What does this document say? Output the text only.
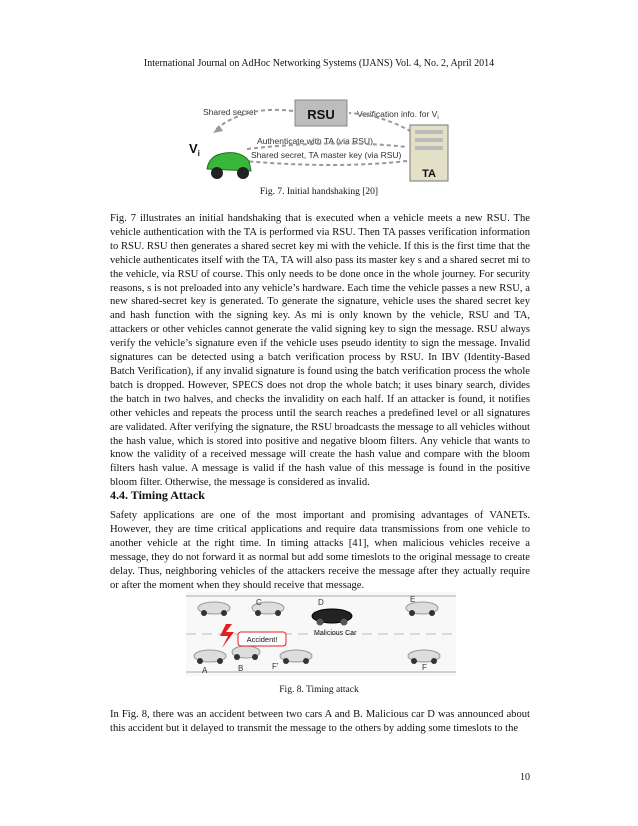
International Journal on AdHoc Networking Systems (IJANS) Vol. 4, No. 2, April 2014
RSU
Shared secret	Verification info. for $V_i$
TA
Authenticate with TA (via RSU)
Shared secret, TA master key (via RSU)
$V_i$
Fig. 7. Initial handshaking [20]

Fig. 7 illustrates an initial handshaking that is executed when a vehicle meets a new RSU. The vehicle authentication with the TA is performed via RSU. Then TA passes verification information to RSU. RSU then generates a shared secret key mi with the vehicle. If this is the first time that the vehicle authenticates itself with the TA, TA will also pass its master key s and a shared secret mi to the vehicle, via RSU of course. This only needs to be done once in the whole journey. For security reasons, s is not preloaded into any vehicle’s hardware. Each time the vehicle passes a new RSU, a new shared-secret key is generated. To generate the signature, vehicle uses the shared secret key and hash function with the signing key. As mi is only known by the vehicle, RSU and TA, attackers or other vehicles cannot generate the valid signing key to sign the message. RSU always verify the vehicle’s signature even if the vehicle uses pseudo identity to sign the message. Invalid signatures can be detected using a batch verification process by RSU. In IBV (Identity-Based Batch Verification), if any invalid signature is found using the batch verification process the whole batch is dropped. However, SPECS does not drop the whole batch; it uses binary search, divides the batch in two halves, and checks the invalidity on each half. If an attacker is found, it notifies other vehicles and repeats the process until the search reaches a predefined level or all signatures are validated. After verifying the signature, the RSU broadcasts the message to all vehicles without the hash value, which is stored into positive and negative bloom filters. Any vehicle that wants to know the validity of a received message will create the hash value and compare with the bloom filters hash value. A message is valid if the hash value of this message is found in the positive bloom filter. Otherwise, the message is considered as invalid.

4.4. Timing Attack

Safety applications are one of the most important and promising advantages of VANETs. However, they are time critical applications and require data transmissions from one vehicle to another vehicle at the right time. In timing attacks [41], when malicious vehicles receive a message, they do not forward it as normal but add some timeslots to the original message to create delay. Thus, neighboring vehicles of the attackers receive the message after they actually require or after the moment when they should receive that message.

Accident!
Malicious Car
C	D	E
A	B	F'	F
Fig. 8. Timing attack

In Fig. 8, there was an accident between two cars A and B. Malicious car D was announced about this accident but it delayed to transmit the message to the others by adding some timeslots to the

10
